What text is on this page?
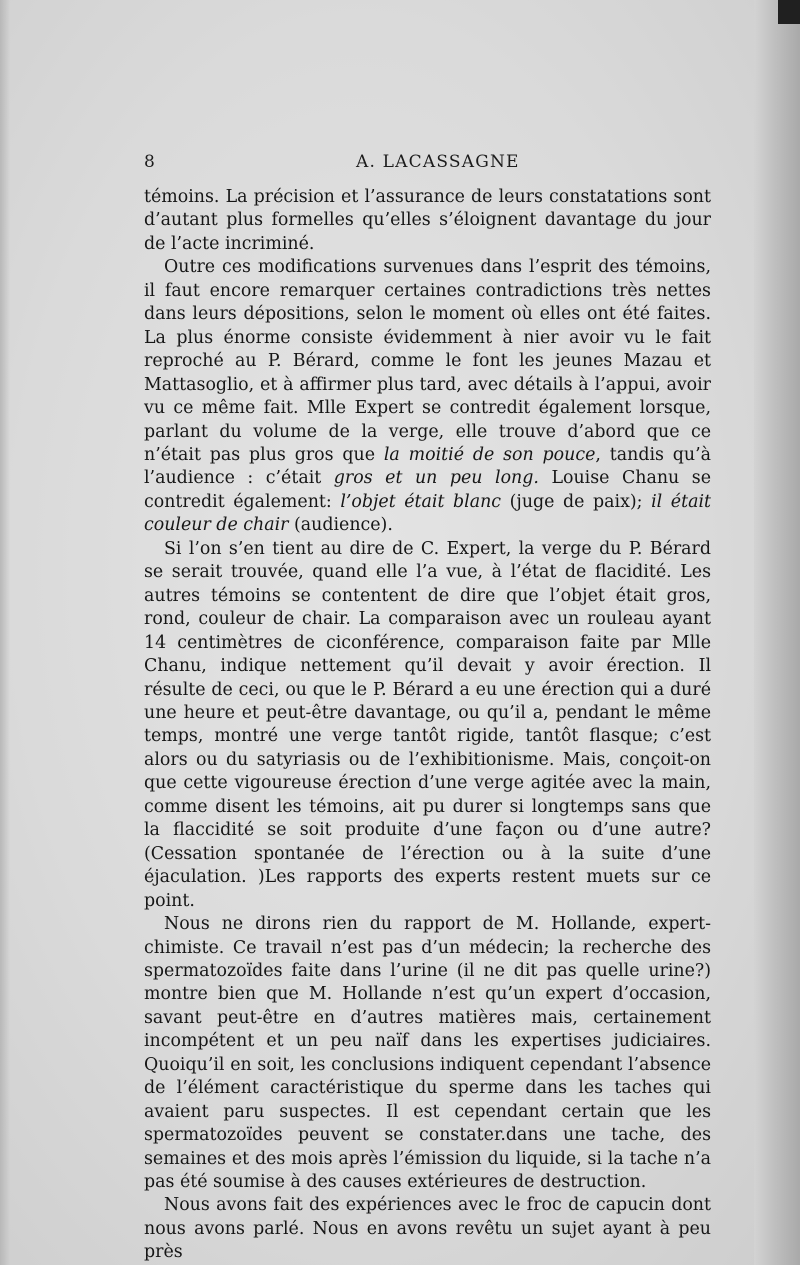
8	A. LACASSAGNE

témoins. La précision et l’assurance de leurs constatations sont d’autant plus formelles qu’elles s’éloignent davantage du jour de l’acte incriminé.

Outre ces modifications survenues dans l’esprit des témoins, il faut encore remarquer certaines contradictions très nettes dans leurs dépositions, selon le moment où elles ont été faites. La plus énorme consiste évidemment à nier avoir vu le fait reproché au P. Bérard, comme le font les jeunes Mazau et Mattasoglio, et à affirmer plus tard, avec détails à l’appui, avoir vu ce même fait. Mlle Expert se contredit également lorsque, parlant du volume de la verge, elle trouve d’abord que ce n’était pas plus gros que la moitié de son pouce, tandis qu’à l’audience : c’était gros et un peu long. Louise Chanu se contredit également: l’objet était blanc (juge de paix); il était couleur de chair (audience).

Si l’on s’en tient au dire de C. Expert, la verge du P. Bérard se serait trouvée, quand elle l’a vue, à l’état de flacidité. Les autres témoins se contentent de dire que l’objet était gros, rond, couleur de chair. La comparaison avec un rouleau ayant 14 centimètres de ciconférence, comparaison faite par Mlle Chanu, indique nettement qu’il devait y avoir érection. Il résulte de ceci, ou que le P. Bérard a eu une érection qui a duré une heure et peut-être davantage, ou qu’il a, pendant le même temps, montré une verge tantôt rigide, tantôt flasque; c’est alors ou du satyriasis ou de l’exhibitionisme. Mais, conçoit-on que cette vigoureuse érection d’une verge agitée avec la main, comme disent les témoins, ait pu durer si longtemps sans que la flaccidité se soit produite d’une façon ou d’une autre? (Cessation spontanée de l’érection ou à la suite d’une éjaculation. )Les rapports des experts restent muets sur ce point.

Nous ne dirons rien du rapport de M. Hollande, expert-chimiste. Ce travail n’est pas d’un médecin; la recherche des spermatozoïdes faite dans l’urine (il ne dit pas quelle urine?) montre bien que M. Hollande n’est qu’un expert d’occasion, savant peut-être en d’autres matières mais, certainement incompétent et un peu naïf dans les expertises judiciaires. Quoiqu’il en soit, les conclusions indiquent cependant l’absence de l’élément caractéristique du sperme dans les taches qui avaient paru suspectes. Il est cependant certain que les spermatozoïdes peuvent se constater.dans une tache, des semaines et des mois après l’émission du liquide, si la tache n’a pas été soumise à des causes extérieures de destruction.

Nous avons fait des expériences avec le froc de capucin dont nous avons parlé. Nous en avons revêtu un sujet ayant à peu près
